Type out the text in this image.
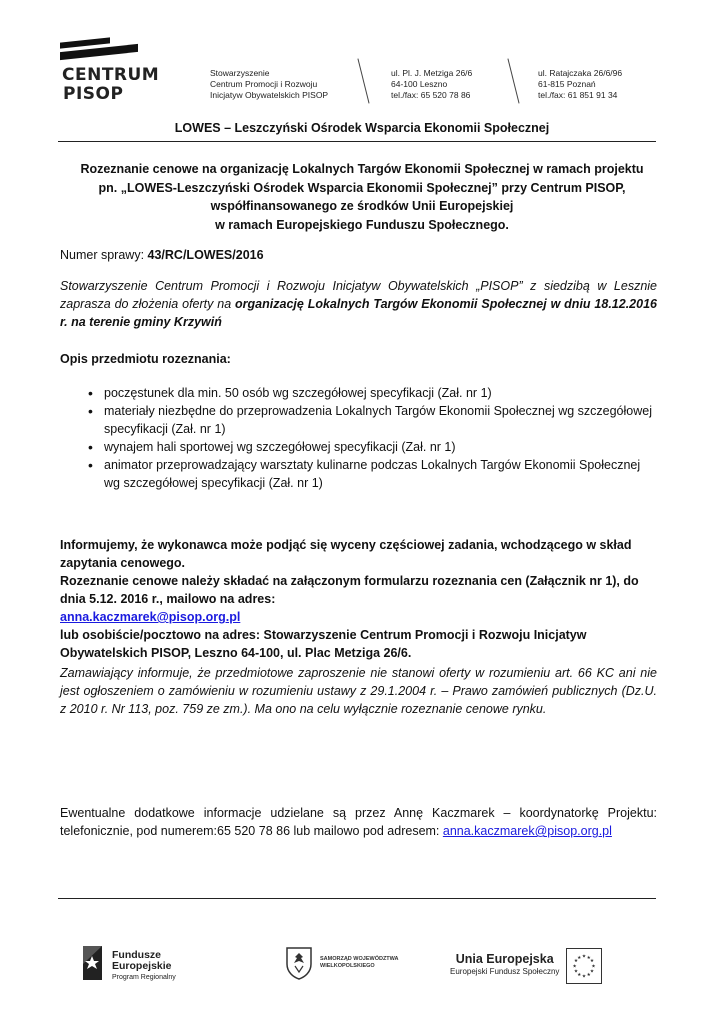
CENTRUM
PISOP
Stowarzyszenie
Centrum Promocji i Rozwoju
Inicjatyw Obywatelskich PISOP
ul. Pl. J. Metziga 26/6
64-100 Leszno
tel./fax: 65 520 78 86
ul. Ratajczaka 26/6/96
61-815 Poznań
tel./fax: 61 851 91 34
LOWES – Leszczyński Ośrodek Wsparcia Ekonomii Społecznej
Rozeznanie cenowe na organizację Lokalnych Targów Ekonomii Społecznej w ramach projektu
pn. „LOWES-Leszczyński Ośrodek Wsparcia Ekonomii Społecznej” przy Centrum PISOP,
współfinansowanego ze środków Unii Europejskiej
w ramach Europejskiego Funduszu Społecznego.
Numer sprawy: 43/RC/LOWES/2016
Stowarzyszenie Centrum Promocji i Rozwoju Inicjatyw Obywatelskich „PISOP” z siedzibą w Lesznie zaprasza do złożenia oferty na organizację Lokalnych Targów Ekonomii Społecznej w dniu 18.12.2016 r. na terenie gminy Krzywiń
Opis przedmiotu rozeznania:
• poczęstunek dla min. 50 osób wg szczegółowej specyfikacji (Zał. nr 1)
• materiały niezbędne do przeprowadzenia Lokalnych Targów Ekonomii Społecznej wg szczegółowej specyfikacji (Zał. nr 1)
• wynajem hali sportowej wg szczegółowej specyfikacji (Zał. nr 1)
• animator przeprowadzający warsztaty kulinarne podczas Lokalnych Targów Ekonomii Społecznej wg szczegółowej specyfikacji (Zał. nr 1)
Informujemy, że wykonawca może podjąć się wyceny częściowej zadania, wchodzącego w skład zapytania cenowego.
Rozeznanie cenowe należy składać na załączonym formularzu rozeznania cen (Załącznik nr 1), do dnia 5.12. 2016 r., mailowo na adres:
anna.kaczmarek@pisop.org.pl
lub osobiście/pocztowo na adres: Stowarzyszenie Centrum Promocji i Rozwoju Inicjatyw Obywatelskich PISOP, Leszno 64-100, ul. Plac Metziga 26/6.
Zamawiający informuje, że przedmiotowe zaproszenie nie stanowi oferty w rozumieniu art. 66 KC ani nie jest ogłoszeniem o zamówieniu w rozumieniu ustawy z 29.1.2004 r. – Prawo zamówień publicznych (Dz.U. z 2010 r. Nr 113, poz. 759 ze zm.). Ma ono na celu wyłącznie rozeznanie cenowe rynku.
Ewentualne dodatkowe informacje udzielane są przez Annę Kaczmarek – koordynatorkę Projektu: telefonicznie, pod numerem:65 520 78 86 lub mailowo pod adresem: anna.kaczmarek@pisop.org.pl
Fundusze
Europejskie
Program Regionalny
SAMORZĄD WOJEWÓDZTWA
WIELKOPOLSKIEGO	Unia Europejska
Europejski Fundusz Społeczny
★ ★
★
★
★
★
★
★
★
★
★
★
